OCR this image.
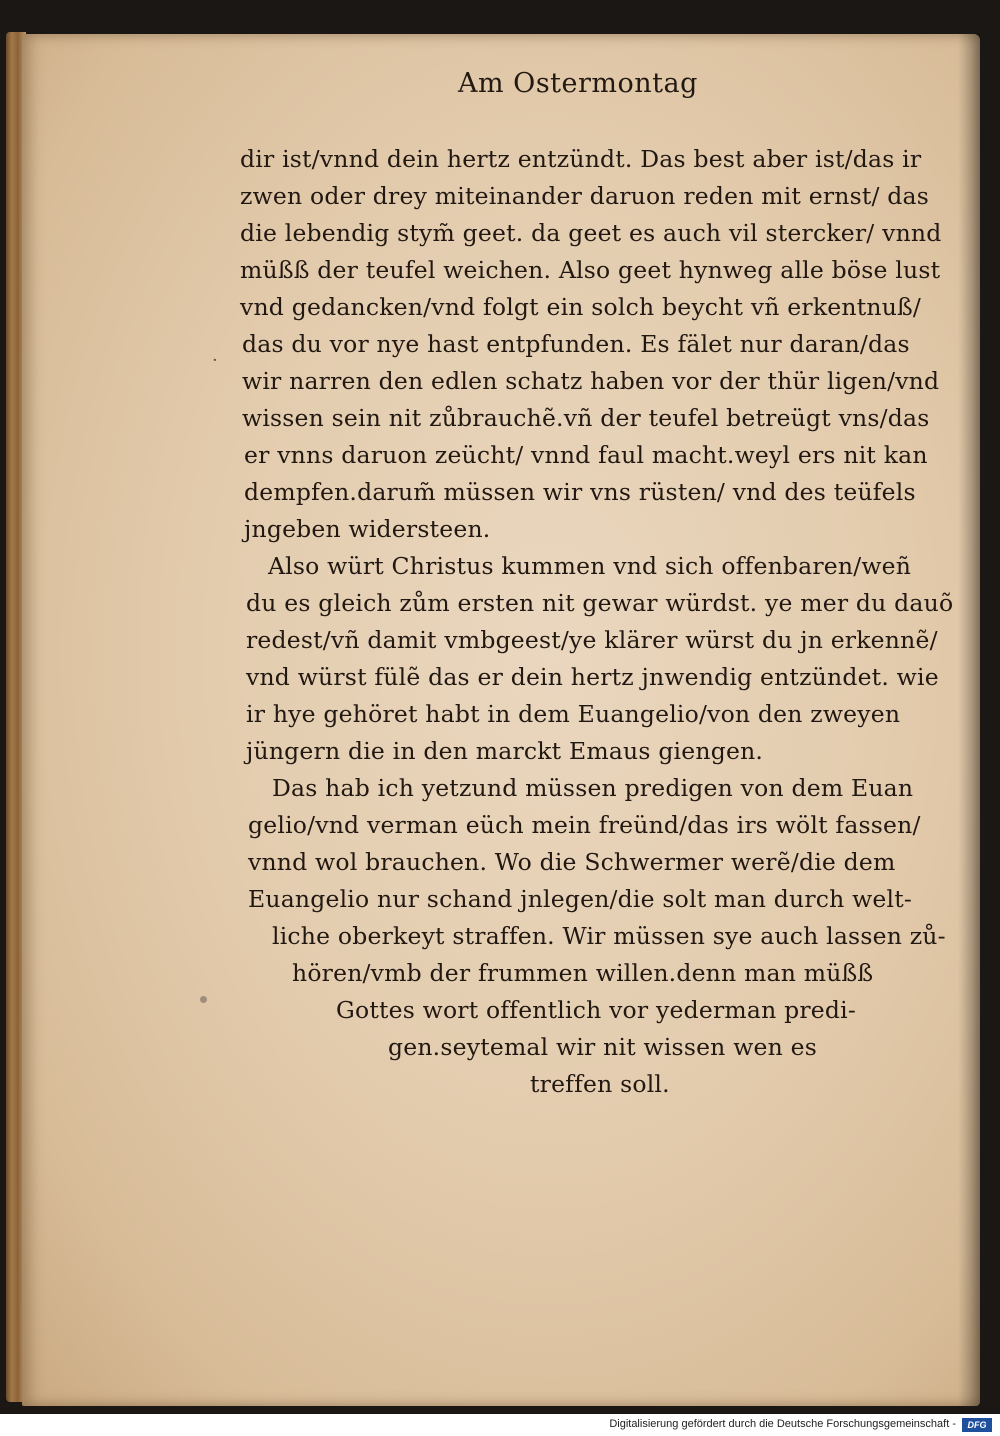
Am Ostermontag
dir ist/vnnd dein hertz entzündt. Das best aber ist/das ir
zwen oder drey miteinander daruon reden mit ernst/ das
die lebendig stym̃ geet. da geet es auch vil stercker/ vnnd
müßß der teufel weichen. Also geet hynweg alle böse lust
vnd gedancken/vnd folgt ein solch beycht vñ erkentnuß/
das du vor nye hast entpfunden. Es fälet nur daran/das
·
wir narren den edlen schatz haben vor der thür ligen/vnd
wissen sein nit zůbrauchẽ.vñ der teufel betreügt vns/das
er vnns daruon zeücht/ vnnd faul macht.weyl ers nit kan
dempfen.darum̃ müssen wir vns rüsten/ vnd des teüfels
jngeben widersteen.
Also würt Christus kummen vnd sich offenbaren/weñ
du es gleich zům ersten nit gewar würdst. ye mer du dauõ
redest/vñ damit vmbgeest/ye klärer würst du jn erkennẽ/
vnd würst fülẽ das er dein hertz jnwendig entzündet. wie
ir hye gehöret habt in dem Euangelio/von den zweyen
jüngern die in den marckt Emaus giengen.
Das hab ich yetzund müssen predigen von dem Euan
gelio/vnd verman eüch mein freünd/das irs wölt fassen/
vnnd wol brauchen. Wo die Schwermer werẽ/die dem
Euangelio nur schand jnlegen/die solt man durch welt-
liche oberkeyt straffen. Wir müssen sye auch lassen zů-
hören/vmb der frummen willen.denn man müßß
Gottes wort offentlich vor yederman predi-
gen.seytemal wir nit wissen wen es
treffen soll.
Digitalisierung gefördert durch die Deutsche Forschungsgemeinschaft -	DFG
